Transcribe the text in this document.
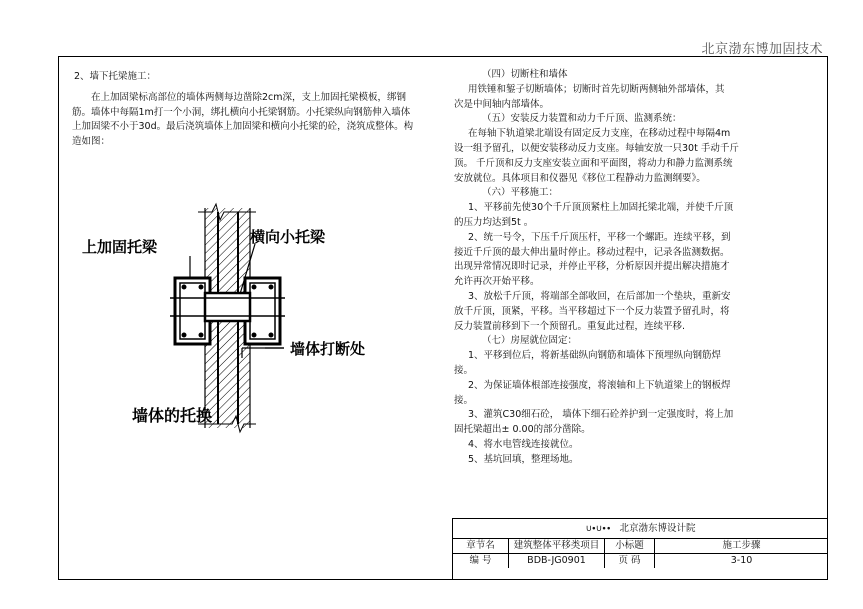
北京渤东博加固技术
2、墙下托梁施工：

在上加固梁标高部位的墙体两侧每边凿除2cm深，支上加固托梁模板，绑钢筋。墙体中每隔1m打一个小洞，绑扎横向小托梁钢筋。小托梁纵向钢筋伸入墙体上加固梁不小于30d。最后浇筑墙体上加固梁和横向小托梁的砼，浇筑成整体。构造如图：

上加固托梁
横向小托梁
墙体打断处
墙体的托换
（四）切断柱和墙体
用铁锤和錾子切断墙体；切断时首先切断两侧轴外部墙体，其
次是中间轴内部墙体。
（五）安装反力装置和动力千斤顶、监测系统：
在每轴下轨道梁北端设有固定反力支座，在移动过程中每隔4m
设一组予留孔，以便安装移动反力支座。每轴安放一只30t 手动千斤
顶。 千斤顶和反力支座安装立面和平面图，将动力和静力监测系统
安放就位。具体项目和仪器见《移位工程静动力监测纲要》。
（六）平移施工：
1、平移前先使30个千斤顶顶紧柱上加固托梁北端，并使千斤顶
的压力均达到5t 。
2、统一号令，下压千斤顶压杆，平移一个螺距。连续平移，到
接近千斤顶的最大伸出量时停止。移动过程中，记录各监测数据。
出现异常情况即时记录，并停止平移，分析原因并提出解决措施才
允许再次开始平移。
3、放松千斤顶，将端部全部收回，在后部加一个垫块，重新安
放千斤顶，顶紧，平移。当平移超过下一个反力装置予留孔时，将
反力装置前移到下一个预留孔。重复此过程，连续平移.
（七）房屋就位固定：
1、平移到位后，将新基础纵向钢筋和墙体下预埋纵向钢筋焊
接。
2、为保证墙体根部连接强度，将滚轴和上下轨道梁上的钢板焊
接。
3、灌筑C30细石砼， 墙体下细石砼养护到一定强度时，将上加
固托梁超出± 0.00的部分凿除。
4、将水电管线连接就位。
5、基坑回填，整理场地。
∪∙∪∙∙ 北京渤东博设计院
章节名	建筑整体平移类项目	小标题	施工步骤
编 号	BDB-JG0901	页 码	3-10
